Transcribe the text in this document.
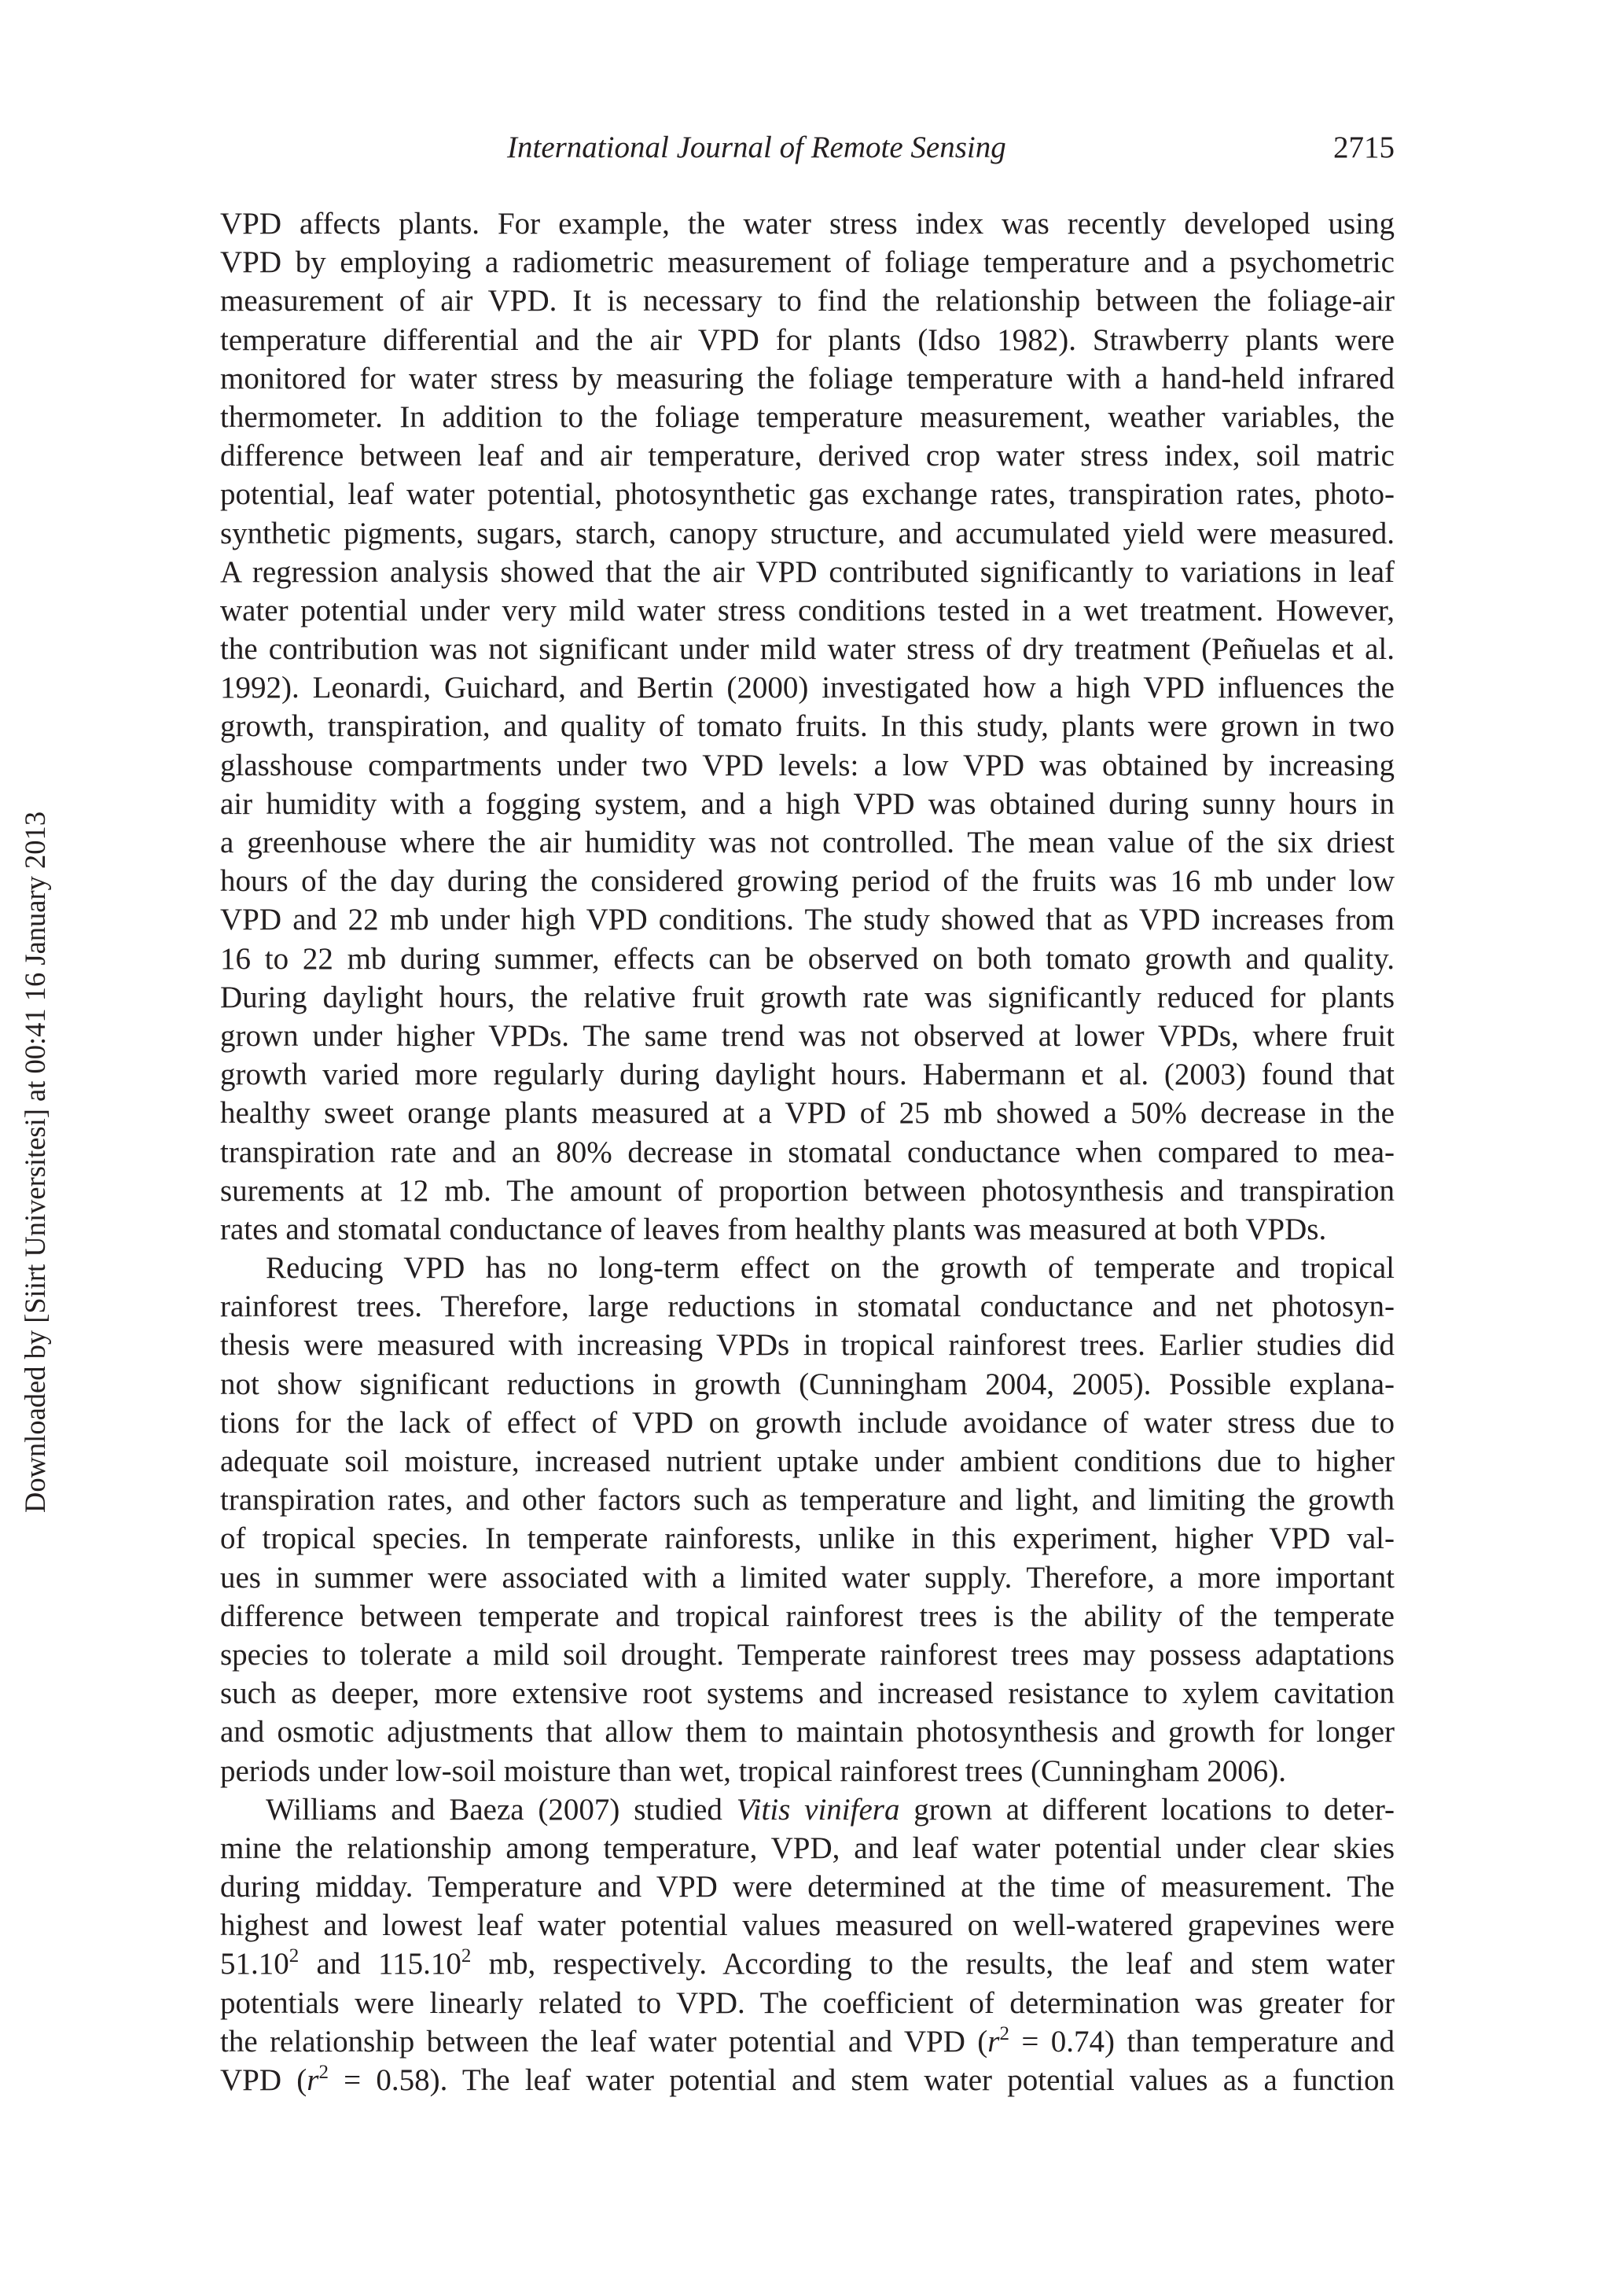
International Journal of Remote Sensing	2715
Downloaded by [Siirt Universitesi] at 00:41 16 January 2013
VPD affects plants. For example, the water stress index was recently developed using
VPD by employing a radiometric measurement of foliage temperature and a psychometric
measurement of air VPD. It is necessary to find the relationship between the foliage-air
temperature differential and the air VPD for plants (Idso 1982). Strawberry plants were
monitored for water stress by measuring the foliage temperature with a hand-held infrared
thermometer. In addition to the foliage temperature measurement, weather variables, the
difference between leaf and air temperature, derived crop water stress index, soil matric
potential, leaf water potential, photosynthetic gas exchange rates, transpiration rates, photo-
synthetic pigments, sugars, starch, canopy structure, and accumulated yield were measured.
A regression analysis showed that the air VPD contributed significantly to variations in leaf
water potential under very mild water stress conditions tested in a wet treatment. However,
the contribution was not significant under mild water stress of dry treatment (Peñuelas et al.
1992). Leonardi, Guichard, and Bertin (2000) investigated how a high VPD influences the
growth, transpiration, and quality of tomato fruits. In this study, plants were grown in two
glasshouse compartments under two VPD levels: a low VPD was obtained by increasing
air humidity with a fogging system, and a high VPD was obtained during sunny hours in
a greenhouse where the air humidity was not controlled. The mean value of the six driest
hours of the day during the considered growing period of the fruits was 16 mb under low
VPD and 22 mb under high VPD conditions. The study showed that as VPD increases from
16 to 22 mb during summer, effects can be observed on both tomato growth and quality.
During daylight hours, the relative fruit growth rate was significantly reduced for plants
grown under higher VPDs. The same trend was not observed at lower VPDs, where fruit
growth varied more regularly during daylight hours. Habermann et al. (2003) found that
healthy sweet orange plants measured at a VPD of 25 mb showed a 50% decrease in the
transpiration rate and an 80% decrease in stomatal conductance when compared to mea-
surements at 12 mb. The amount of proportion between photosynthesis and transpiration
rates and stomatal conductance of leaves from healthy plants was measured at both VPDs.
Reducing VPD has no long-term effect on the growth of temperate and tropical
rainforest trees. Therefore, large reductions in stomatal conductance and net photosyn-
thesis were measured with increasing VPDs in tropical rainforest trees. Earlier studies did
not show significant reductions in growth (Cunningham 2004, 2005). Possible explana-
tions for the lack of effect of VPD on growth include avoidance of water stress due to
adequate soil moisture, increased nutrient uptake under ambient conditions due to higher
transpiration rates, and other factors such as temperature and light, and limiting the growth
of tropical species. In temperate rainforests, unlike in this experiment, higher VPD val-
ues in summer were associated with a limited water supply. Therefore, a more important
difference between temperate and tropical rainforest trees is the ability of the temperate
species to tolerate a mild soil drought. Temperate rainforest trees may possess adaptations
such as deeper, more extensive root systems and increased resistance to xylem cavitation
and osmotic adjustments that allow them to maintain photosynthesis and growth for longer
periods under low-soil moisture than wet, tropical rainforest trees (Cunningham 2006).
Williams and Baeza (2007) studied Vitis vinifera grown at different locations to deter-
mine the relationship among temperature, VPD, and leaf water potential under clear skies
during midday. Temperature and VPD were determined at the time of measurement. The
highest and lowest leaf water potential values measured on well-watered grapevines were
51.10$^2$ and 115.10$^2$ mb, respectively. According to the results, the leaf and stem water
potentials were linearly related to VPD. The coefficient of determination was greater for
the relationship between the leaf water potential and VPD $(r^2 = 0.74)$ than temperature and
VPD $(r^2 = 0.58)$. The leaf water potential and stem water potential values as a function
